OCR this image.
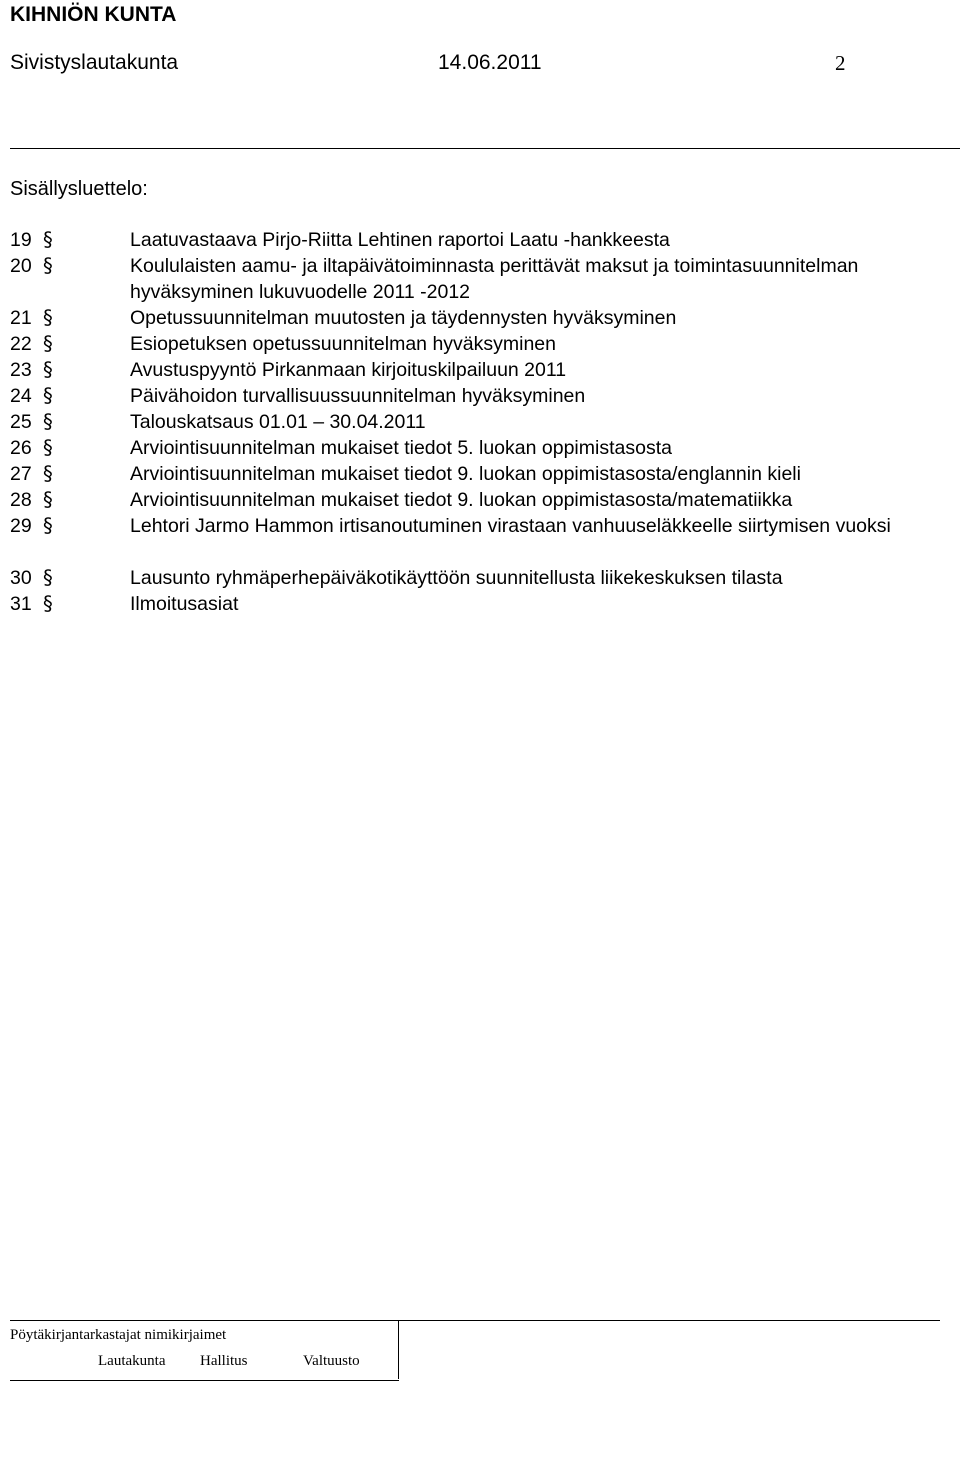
KIHNIÖN KUNTA
Sivistyslautakunta	14.06.2011	2
Sisällysluettelo:
19 §	Laatuvastaava Pirjo-Riitta Lehtinen raportoi Laatu -hankkeesta
20 §	Koululaisten aamu- ja iltapäivätoiminnasta perittävät maksut ja toimintasuunnitelman hyväksyminen lukuvuodelle 2011 -2012
21 §	Opetussuunnitelman muutosten ja täydennysten hyväksyminen
22 §	Esiopetuksen opetussuunnitelman hyväksyminen
23 §	Avustuspyyntö Pirkanmaan kirjoituskilpailuun 2011
24 §	Päivähoidon turvallisuussuunnitelman hyväksyminen
25 §	Talouskatsaus 01.01 – 30.04.2011
26 §	Arviointisuunnitelman mukaiset tiedot 5. luokan oppimistasosta
27 §	Arviointisuunnitelman mukaiset tiedot 9. luokan oppimistasosta/englannin kieli
28 §	Arviointisuunnitelman mukaiset tiedot 9. luokan oppimistasosta/matematiikka
29 §	Lehtori Jarmo Hammon irtisanoutuminen virastaan vanhuuseläkkeelle siirtymisen vuoksi
30 §	Lausunto ryhmäperhepäiväkotikäyttöön suunnitellusta liikekeskuksen tilasta
31 §	Ilmoitusasiat
Pöytäkirjantarkastajat nimikirjaimet
Lautakunta Hallitus	Valtuusto
